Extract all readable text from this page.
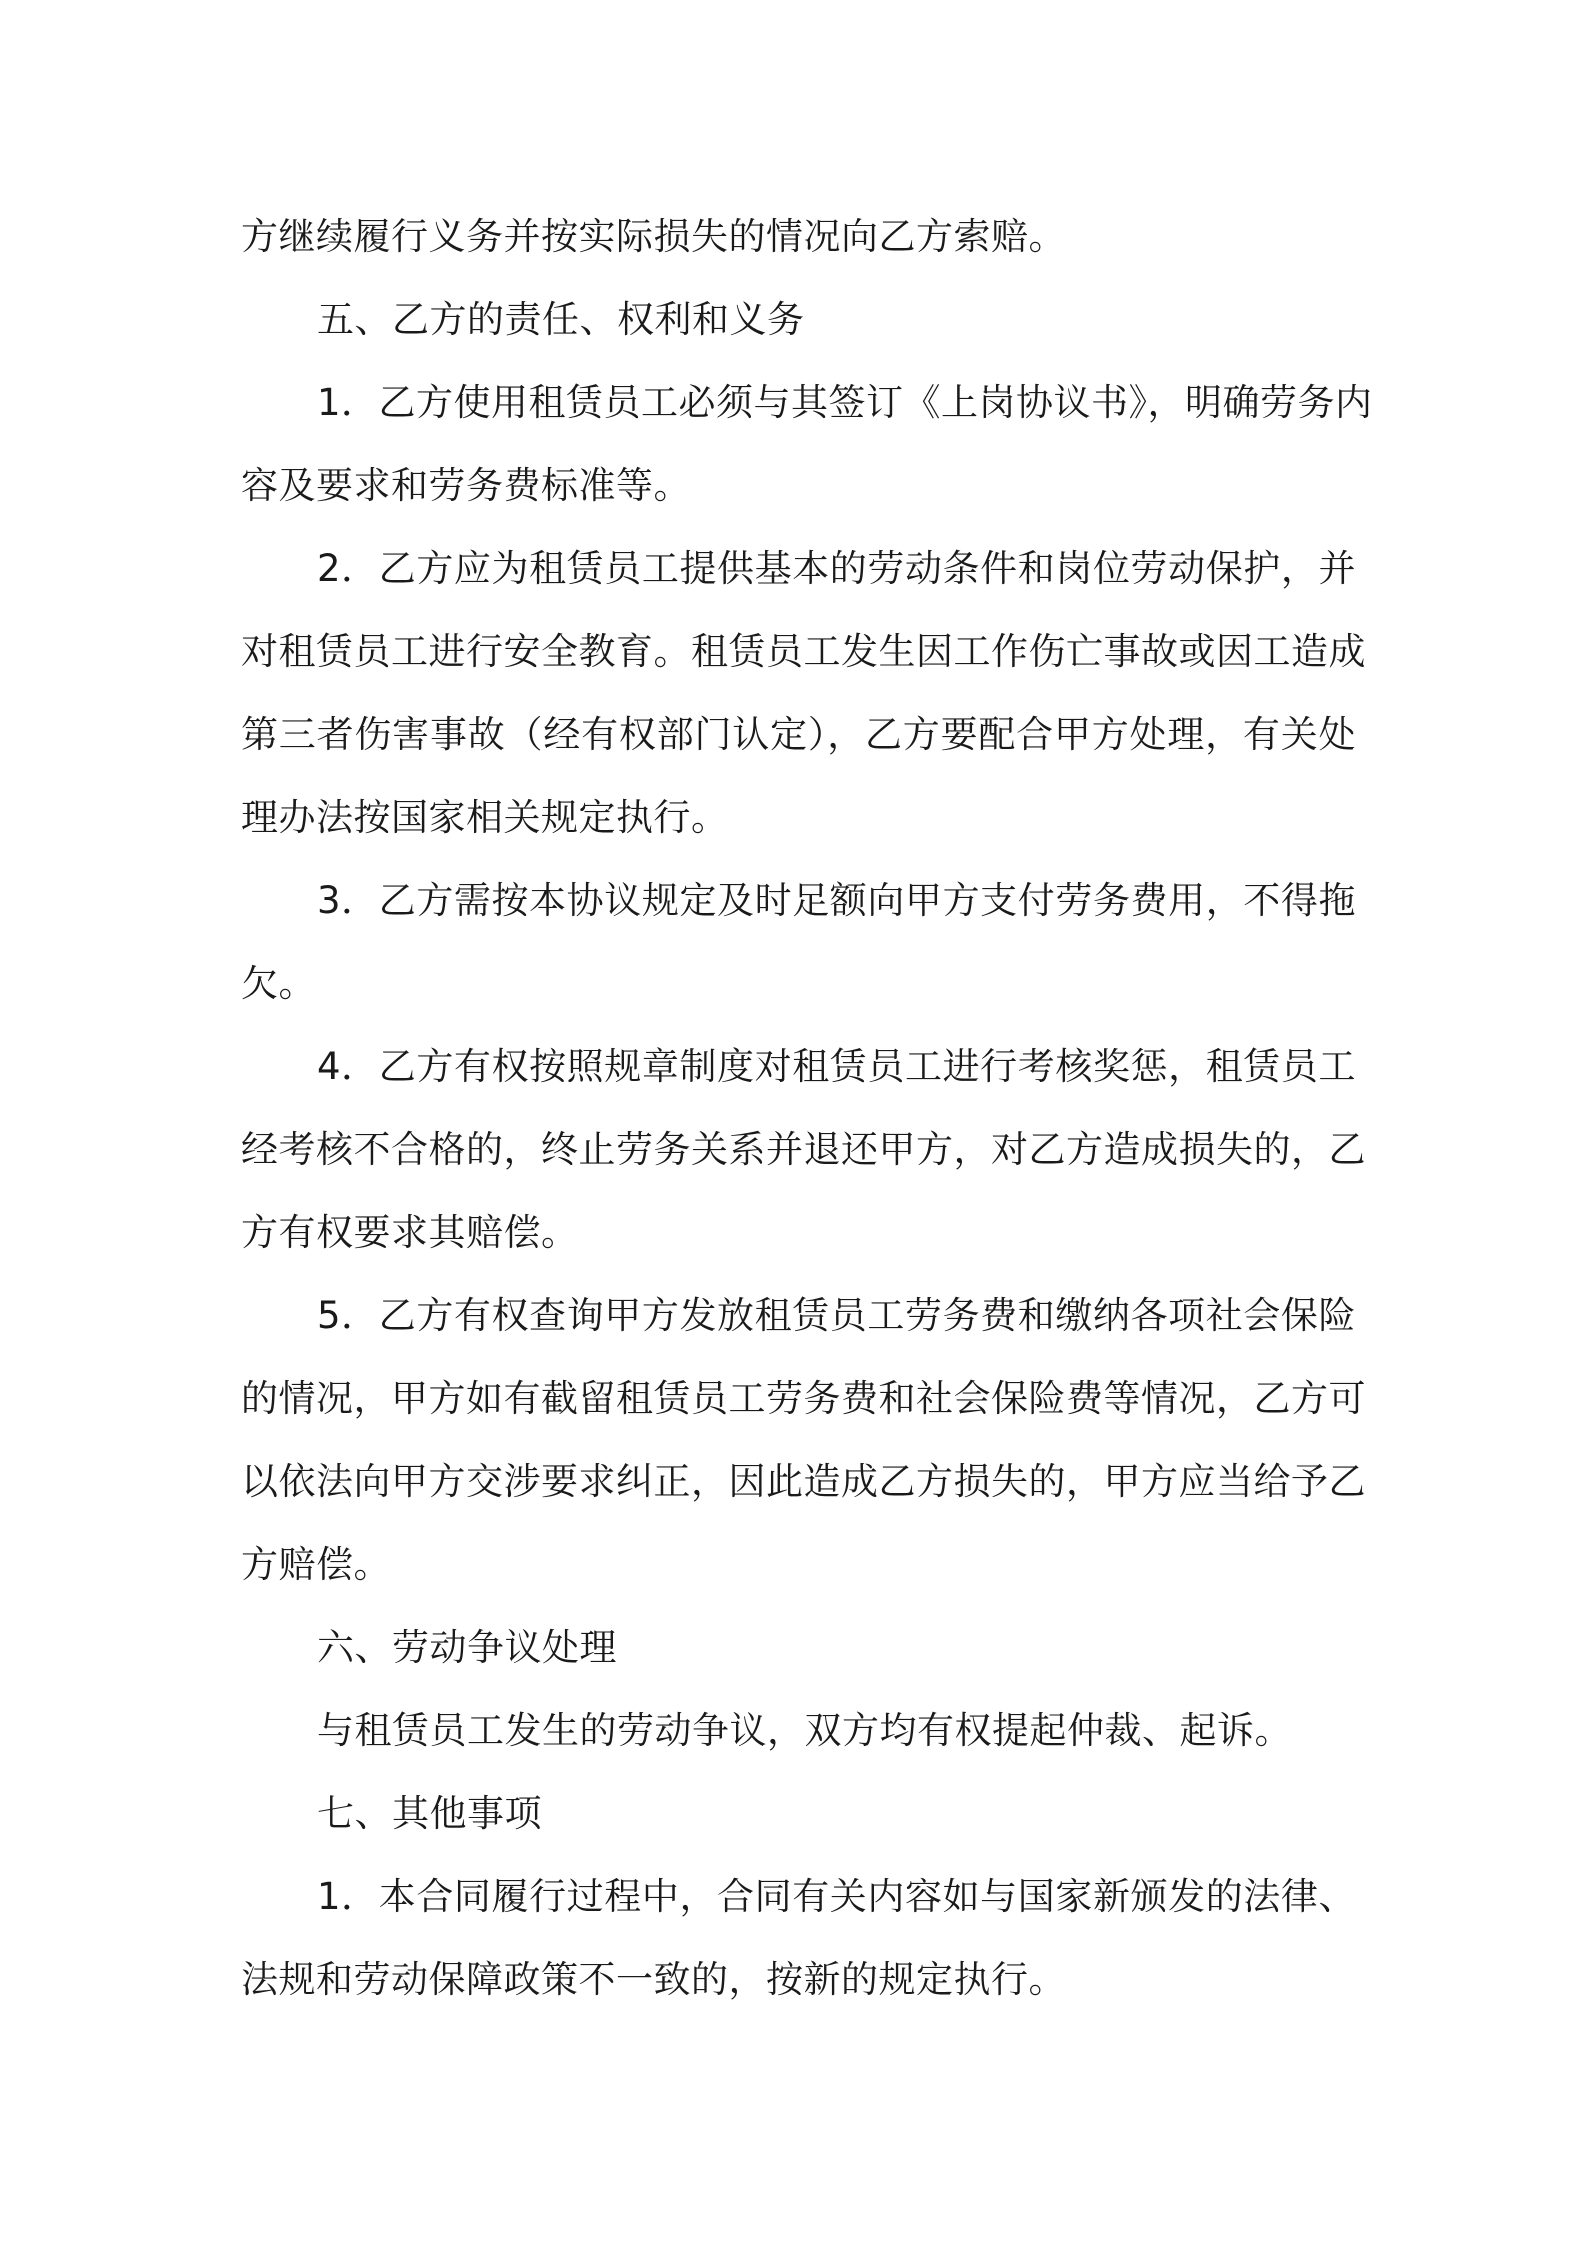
方继续履行义务并按实际损失的情况向乙方索赔。
五、乙方的责任、权利和义务
1．乙方使用租赁员工必须与其签订《上岗协议书》，明确劳务内
容及要求和劳务费标准等。
2．乙方应为租赁员工提供基本的劳动条件和岗位劳动保护，并
对租赁员工进行安全教育。租赁员工发生因工作伤亡事故或因工造成
第三者伤害事故（经有权部门认定），乙方要配合甲方处理，有关处
理办法按国家相关规定执行。
3．乙方需按本协议规定及时足额向甲方支付劳务费用，不得拖
欠。
4．乙方有权按照规章制度对租赁员工进行考核奖惩，租赁员工
经考核不合格的，终止劳务关系并退还甲方，对乙方造成损失的，乙
方有权要求其赔偿。
5．乙方有权查询甲方发放租赁员工劳务费和缴纳各项社会保险
的情况，甲方如有截留租赁员工劳务费和社会保险费等情况，乙方可
以依法向甲方交涉要求纠正，因此造成乙方损失的，甲方应当给予乙
方赔偿。
六、劳动争议处理
与租赁员工发生的劳动争议，双方均有权提起仲裁、起诉。
七、其他事项
1．本合同履行过程中，合同有关内容如与国家新颁发的法律、
法规和劳动保障政策不一致的，按新的规定执行。
